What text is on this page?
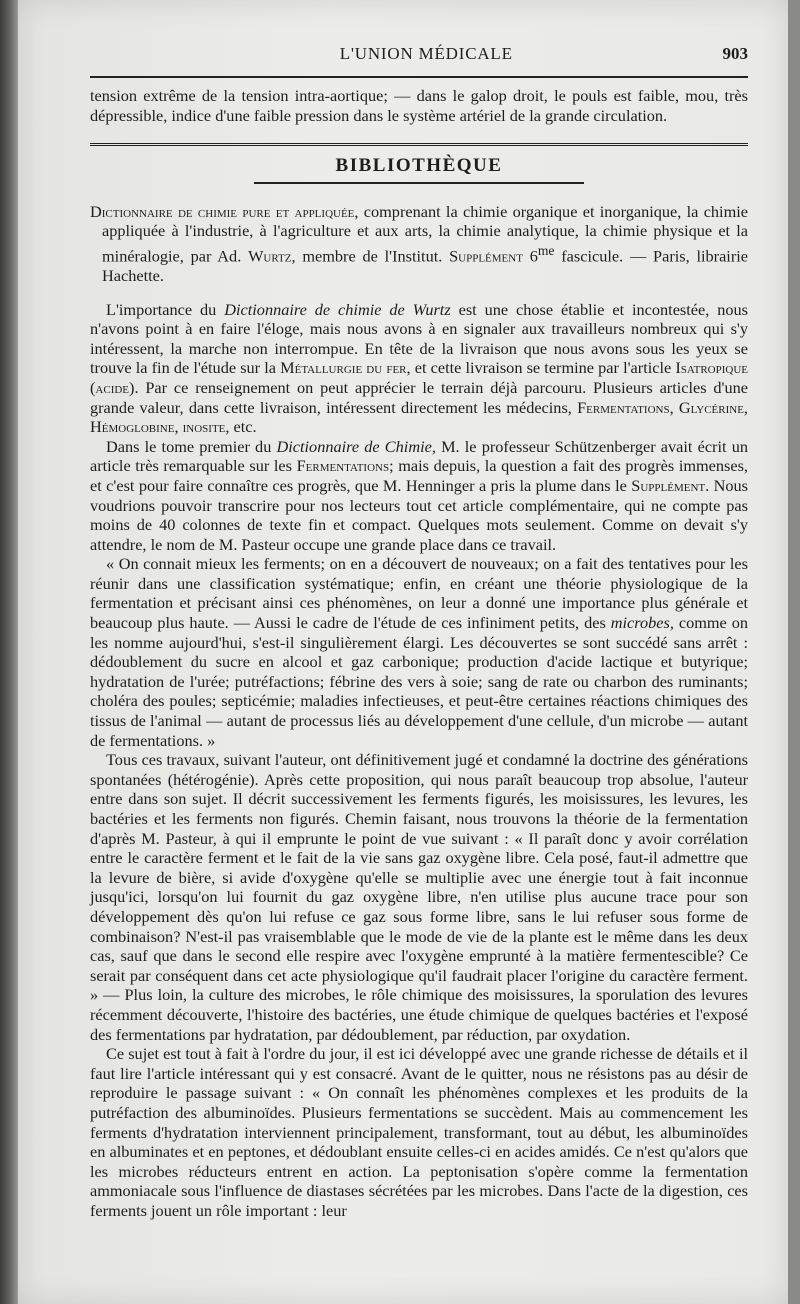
L'UNION MÉDICALE	903

tension extrême de la tension intra-aortique; — dans le galop droit, le pouls est faible, mou, très dépressible, indice d'une faible pression dans le système artériel de la grande circulation.

BIBLIOTHÈQUE

Dictionnaire de chimie pure et appliquée, comprenant la chimie organique et inorganique, la chimie appliquée à l'industrie, à l'agriculture et aux arts, la chimie analytique, la chimie physique et la minéralogie, par Ad. Wurtz, membre de l'Institut. Supplément $6^{me}$ fascicule. — Paris, librairie Hachette.

L'importance du Dictionnaire de chimie de Wurtz est une chose établie et incontestée, nous n'avons point à en faire l'éloge, mais nous avons à en signaler aux travailleurs nombreux qui s'y intéressent, la marche non interrompue. En tête de la livraison que nous avons sous les yeux se trouve la fin de l'étude sur la Métallurgie du fer, et cette livraison se termine par l'article Isatropique (acide). Par ce renseignement on peut apprécier le terrain déjà parcouru. Plusieurs articles d'une grande valeur, dans cette livraison, intéressent directement les médecins, Fermentations, Glycérine, Hémoglobine, inosite, etc.

Dans le tome premier du Dictionnaire de Chimie, M. le professeur Schützenberger avait écrit un article très remarquable sur les Fermentations; mais depuis, la question a fait des progrès immenses, et c'est pour faire connaître ces progrès, que M. Henninger a pris la plume dans le Supplément. Nous voudrions pouvoir transcrire pour nos lecteurs tout cet article complémentaire, qui ne compte pas moins de 40 colonnes de texte fin et compact. Quelques mots seulement. Comme on devait s'y attendre, le nom de M. Pasteur occupe une grande place dans ce travail.

« On connait mieux les ferments; on en a découvert de nouveaux; on a fait des tentatives pour les réunir dans une classification systématique; enfin, en créant une théorie physiologique de la fermentation et précisant ainsi ces phénomènes, on leur a donné une importance plus générale et beaucoup plus haute. — Aussi le cadre de l'étude de ces infiniment petits, des microbes, comme on les nomme aujourd'hui, s'est-il singulièrement élargi. Les découvertes se sont succédé sans arrêt : dédoublement du sucre en alcool et gaz carbonique; production d'acide lactique et butyrique; hydratation de l'urée; putréfactions; fébrine des vers à soie; sang de rate ou charbon des ruminants; choléra des poules; septicémie; maladies infectieuses, et peut-être certaines réactions chimiques des tissus de l'animal — autant de processus liés au développement d'une cellule, d'un microbe — autant de fermentations. »

Tous ces travaux, suivant l'auteur, ont définitivement jugé et condamné la doctrine des générations spontanées (hétérogénie). Après cette proposition, qui nous paraît beaucoup trop absolue, l'auteur entre dans son sujet. Il décrit successivement les ferments figurés, les moisissures, les levures, les bactéries et les ferments non figurés. Chemin faisant, nous trouvons la théorie de la fermentation d'après M. Pasteur, à qui il emprunte le point de vue suivant : « Il paraît donc y avoir corrélation entre le caractère ferment et le fait de la vie sans gaz oxygène libre. Cela posé, faut-il admettre que la levure de bière, si avide d'oxygène qu'elle se multiplie avec une énergie tout à fait inconnue jusqu'ici, lorsqu'on lui fournit du gaz oxygène libre, n'en utilise plus aucune trace pour son développement dès qu'on lui refuse ce gaz sous forme libre, sans le lui refuser sous forme de combinaison? N'est-il pas vraisemblable que le mode de vie de la plante est le même dans les deux cas, sauf que dans le second elle respire avec l'oxygène emprunté à la matière fermentescible? Ce serait par conséquent dans cet acte physiologique qu'il faudrait placer l'origine du caractère ferment. » — Plus loin, la culture des microbes, le rôle chimique des moisissures, la sporulation des levures récemment découverte, l'histoire des bactéries, une étude chimique de quelques bactéries et l'exposé des fermentations par hydratation, par dédoublement, par réduction, par oxydation.

Ce sujet est tout à fait à l'ordre du jour, il est ici développé avec une grande richesse de détails et il faut lire l'article intéressant qui y est consacré. Avant de le quitter, nous ne résistons pas au désir de reproduire le passage suivant : « On connaît les phénomènes complexes et les produits de la putréfaction des albuminoïdes. Plusieurs fermentations se succèdent. Mais au commencement les ferments d'hydratation interviennent principalement, transformant, tout au début, les albuminoïdes en albuminates et en peptones, et dédoublant ensuite celles-ci en acides amidés. Ce n'est qu'alors que les microbes réducteurs entrent en action. La peptonisation s'opère comme la fermentation ammoniacale sous l'influence de diastases sécrétées par les microbes. Dans l'acte de la digestion, ces ferments jouent un rôle important : leur
